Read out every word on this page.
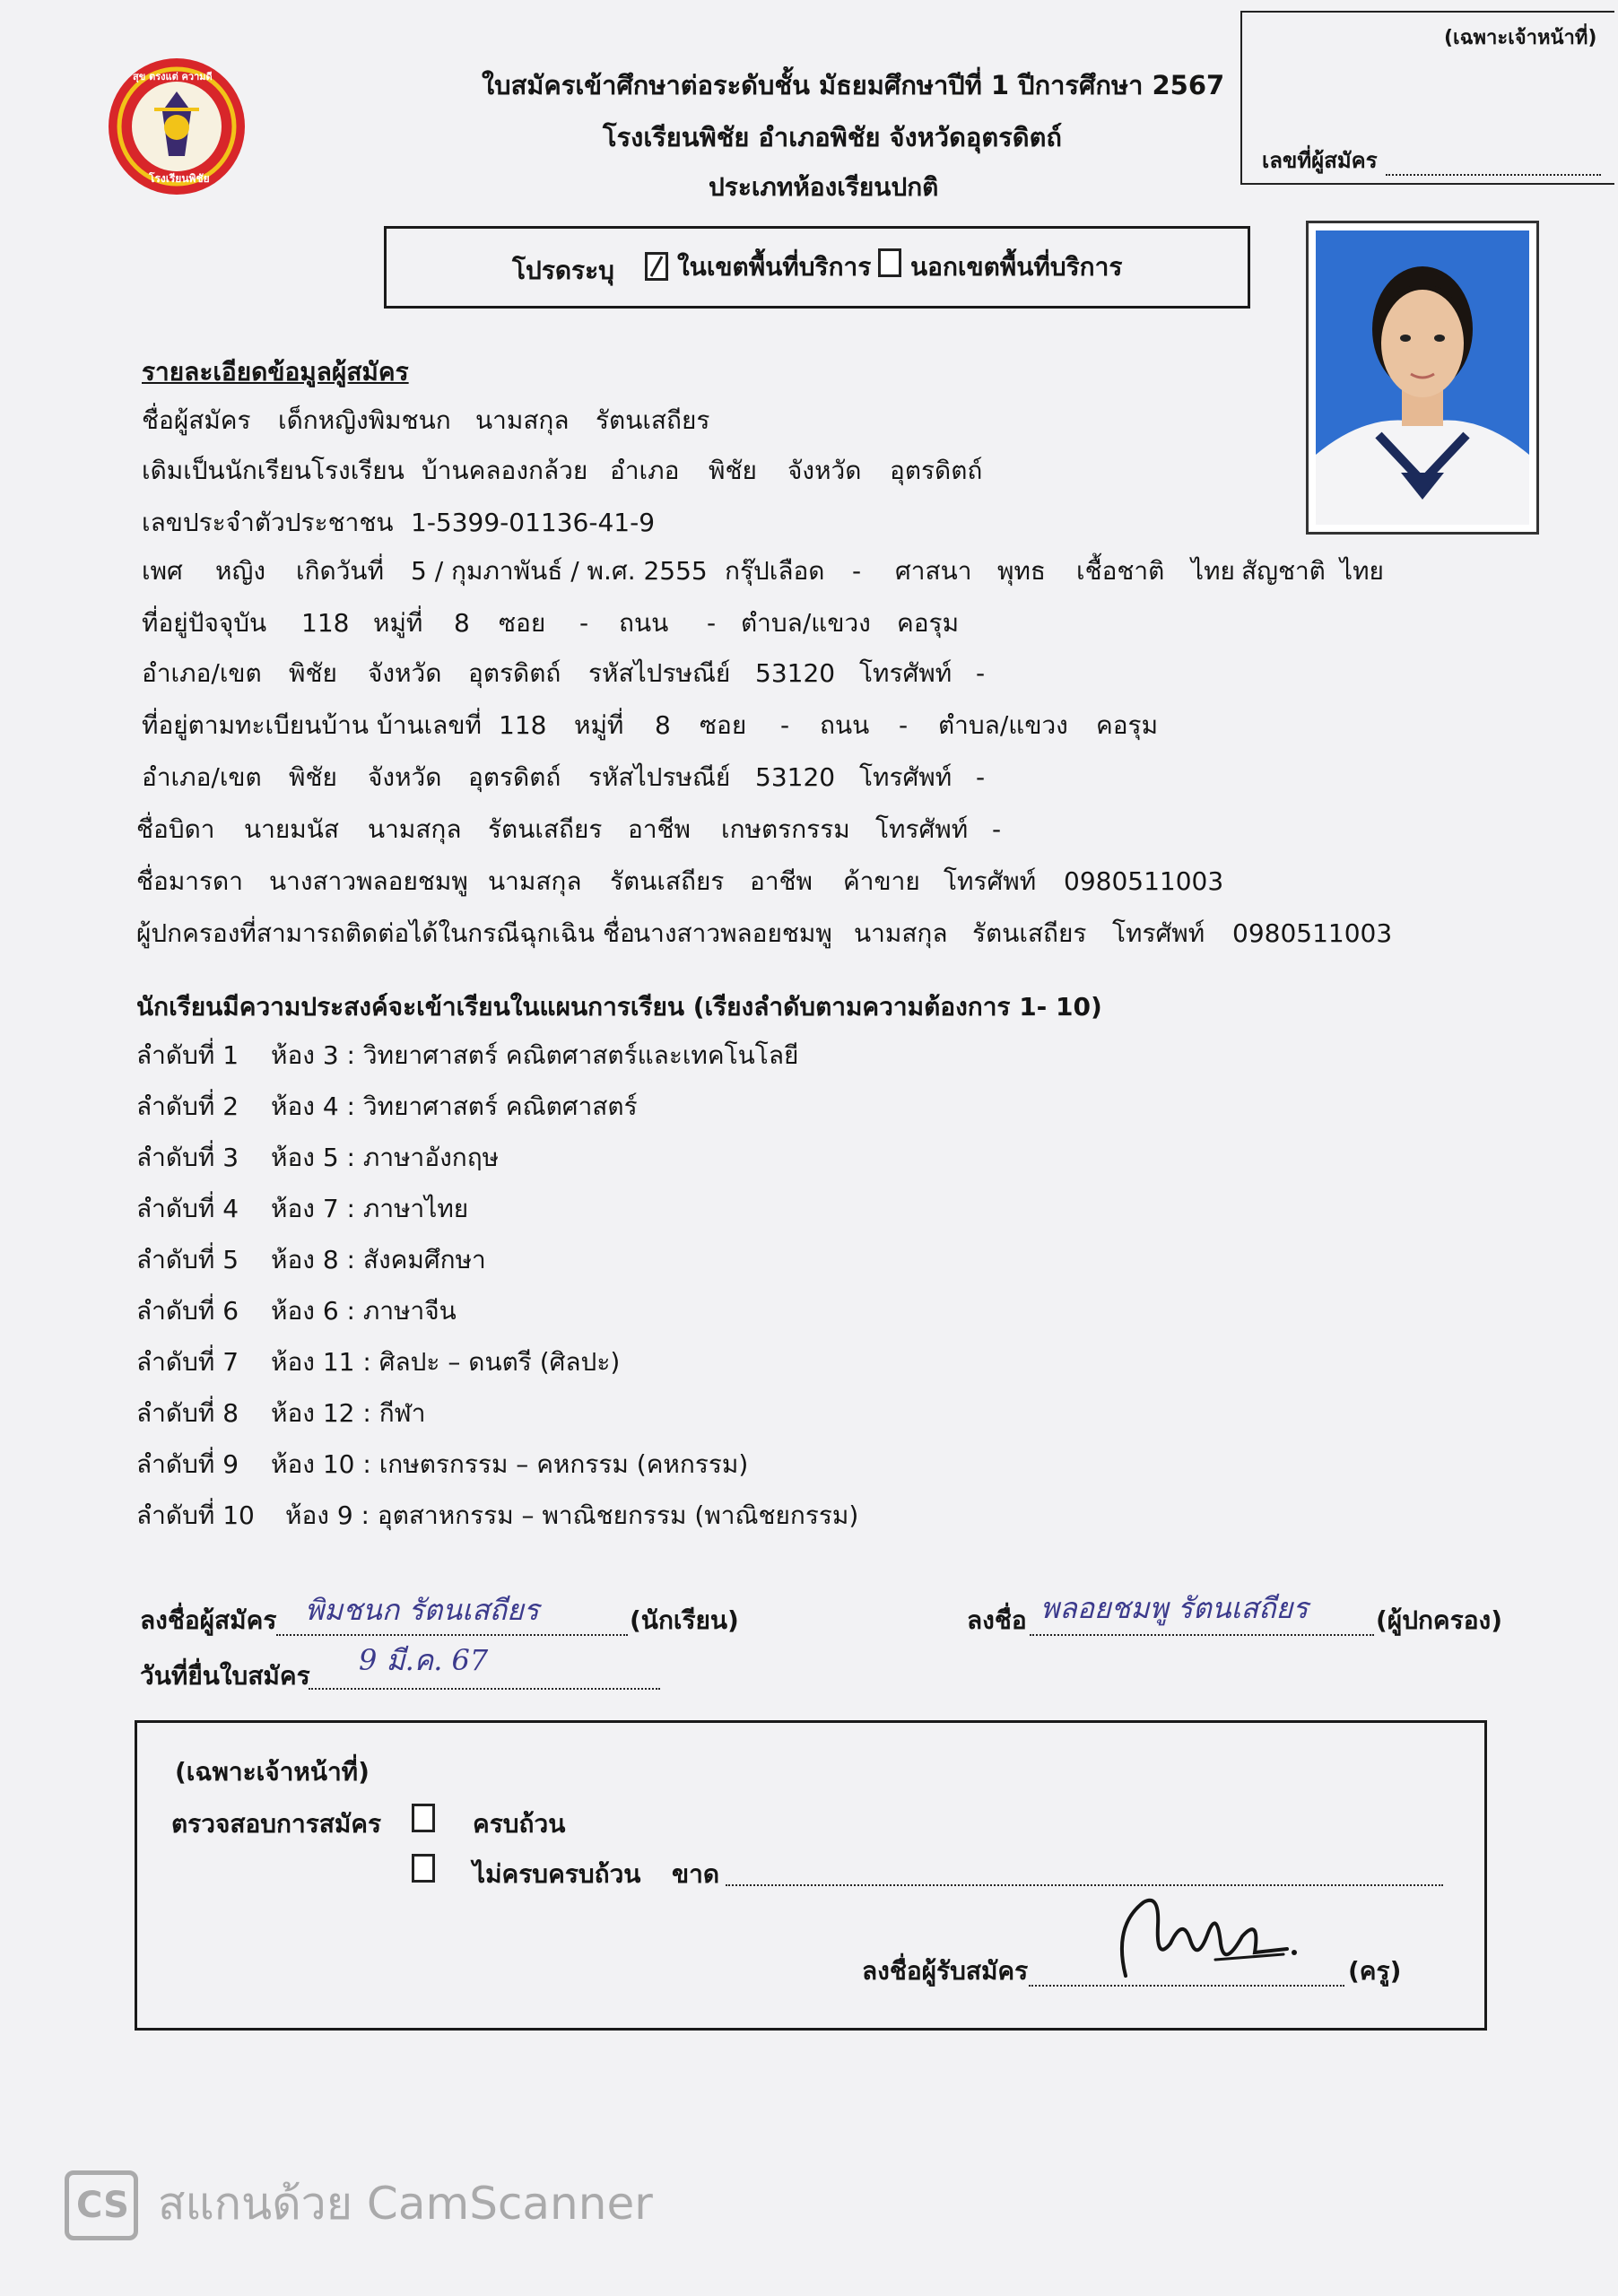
(เฉพาะเจ้าหน้าที่)
เลขที่ผู้สมัคร
สุข ตรงแต่ ความดี
โรงเรียนพิชัย
ใบสมัครเข้าศึกษาต่อระดับชั้น มัธยมศึกษาปีที่ 1 ปีการศึกษา 2567
โรงเรียนพิชัย อำเภอพิชัย จังหวัดอุตรดิตถ์
ประเภทห้องเรียนปกติ
โปรดระบุ	ในเขตพื้นที่บริการ นอกเขตพื้นที่บริการ
รายละเอียดข้อมูลผู้สมัคร
ชื่อผู้สมัคร เด็กหญิงพิมชนก นามสกุล รัตนเสถียร
เดิมเป็นนักเรียนโรงเรียน บ้านคลองกล้วย อำเภอ พิชัย จังหวัด อุตรดิตถ์
เลขประจำตัวประชาชน 1-5399-01136-41-9
เพศ หญิง เกิดวันที่ 5 / กุมภาพันธ์ / พ.ศ. 2555 กรุ๊ปเลือด - ศาสนา พุทธ เชื้อชาติ ไทย สัญชาติ ไทย
ที่อยู่ปัจจุบัน 118 หมู่ที่ 8 ซอย - ถนน - ตำบล/แขวง คอรุม
อำเภอ/เขต พิชัย จังหวัด อุตรดิตถ์ รหัสไปรษณีย์ 53120 โทรศัพท์ -
ที่อยู่ตามทะเบียนบ้าน บ้านเลขที่ 118 หมู่ที่ 8 ซอย - ถนน - ตำบล/แขวง คอรุม
อำเภอ/เขต พิชัย จังหวัด อุตรดิตถ์ รหัสไปรษณีย์ 53120 โทรศัพท์ -
ชื่อบิดา นายมนัส นามสกุล รัตนเสถียร อาชีพ เกษตรกรรม โทรศัพท์ -
ชื่อมารดา นางสาวพลอยชมพู นามสกุล รัตนเสถียร อาชีพ ค้าขาย โทรศัพท์ 0980511003
ผู้ปกครองที่สามารถติดต่อได้ในกรณีฉุกเฉิน ชื่อ
นางสาวพลอยชมพู นามสกุล รัตนเสถียร โทรศัพท์ 0980511003
นักเรียนมีความประสงค์จะเข้าเรียนในแผนการเรียน (เรียงลำดับตามความต้องการ 1- 10)
ลำดับที่ 1 ห้อง 3 : วิทยาศาสตร์ คณิตศาสตร์และเทคโนโลยี
ลำดับที่ 2 ห้อง 4 : วิทยาศาสตร์ คณิตศาสตร์
ลำดับที่ 3 ห้อง 5 : ภาษาอังกฤษ
ลำดับที่ 4 ห้อง 7 : ภาษาไทย
ลำดับที่ 5 ห้อง 8 : สังคมศึกษา
ลำดับที่ 6 ห้อง 6 : ภาษาจีน
ลำดับที่ 7 ห้อง 11 : ศิลปะ – ดนตรี (ศิลปะ)
ลำดับที่ 8 ห้อง 12 : กีฬา
ลำดับที่ 9 ห้อง 10 : เกษตรกรรม – คหกรรม (คหกรรม)
ลำดับที่ 10 ห้อง 9 : อุตสาหกรรม – พาณิชยกรรม (พาณิชยกรรม)
ลงชื่อผู้สมัคร พิมชนก รัตนเสถียร	(นักเรียน)	ลงชื่อ พลอยชมพู รัตนเสถียร	(ผู้ปกครอง)
วันที่ยื่นใบสมัคร 9 มี.ค. 67
(เฉพาะเจ้าหน้าที่)
ตรวจสอบการสมัคร	ครบถ้วน
ไม่ครบครบถ้วน ขาด
ลงชื่อผู้รับสมัคร	(ครู)
CS สแกนด้วย CamScanner
